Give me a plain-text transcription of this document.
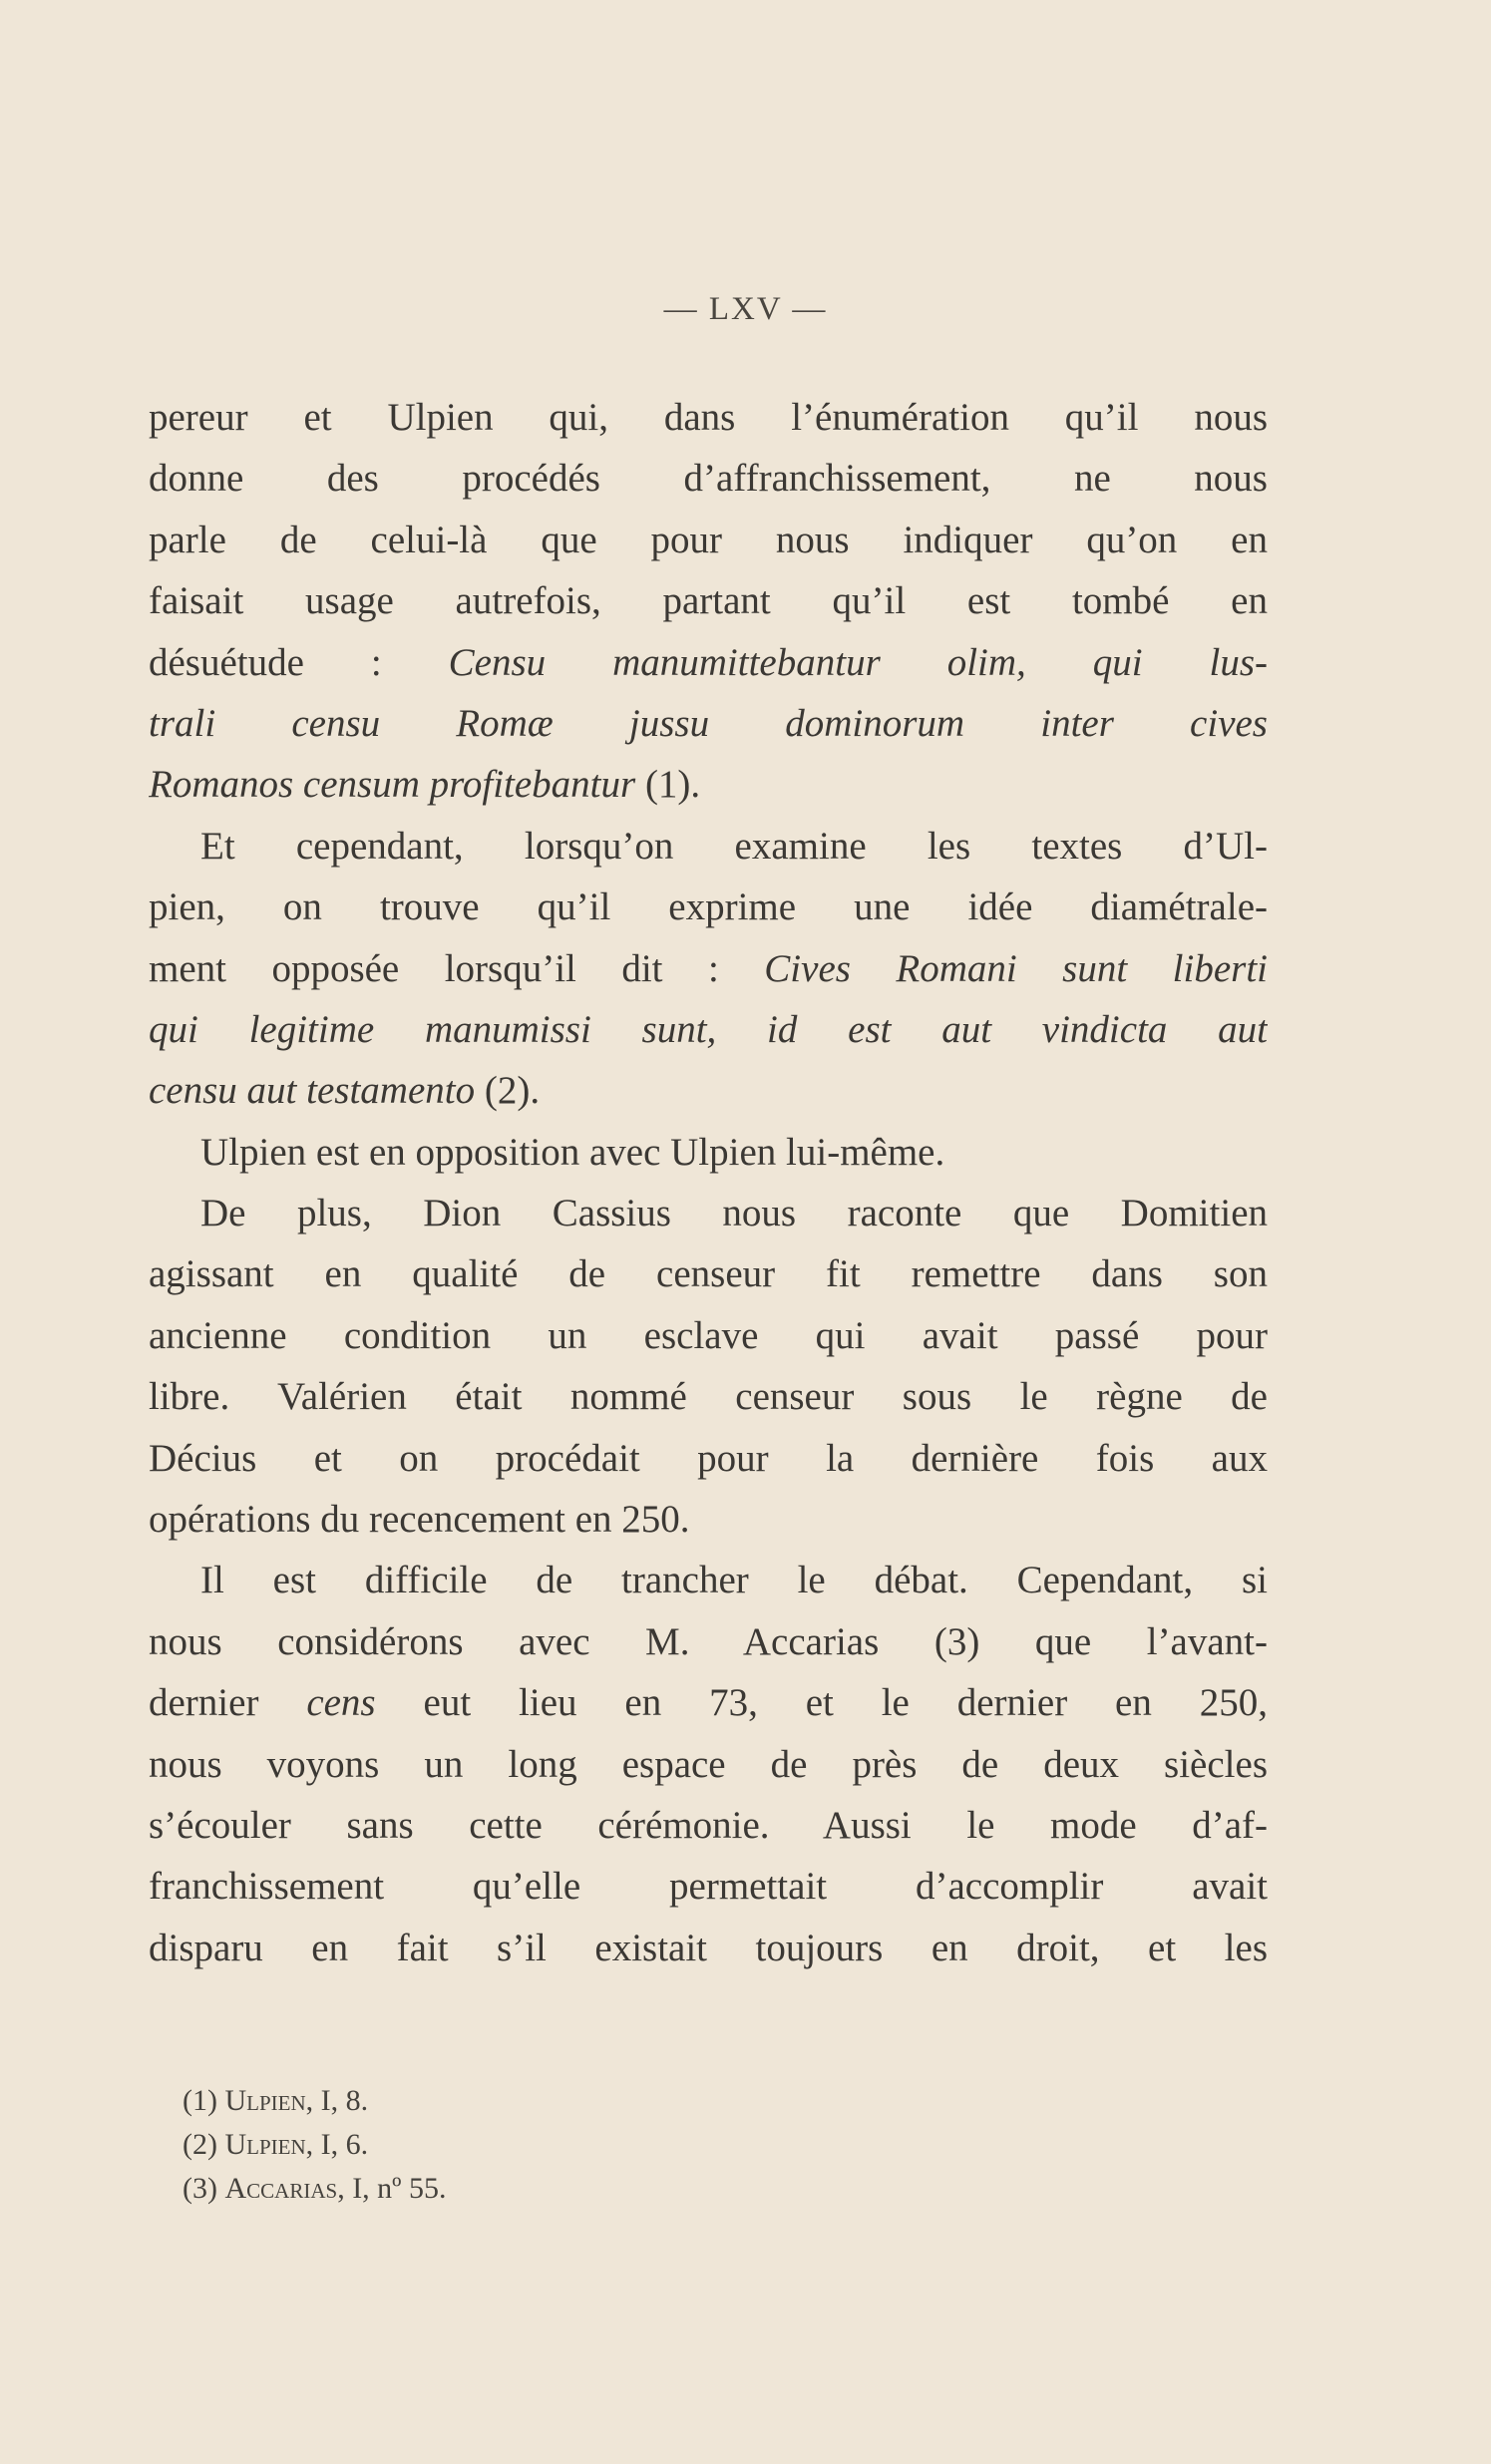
— LXV —
pereur et Ulpien qui, dans l’énumération qu’il nous
donne des procédés d’affranchissement, ne nous
parle de celui-là que pour nous indiquer qu’on en
faisait usage autrefois, partant qu’il est tombé en
désuétude : Censu manumittebantur olim, qui lus-
trali censu Romæ jussu dominorum inter cives
Romanos censum profitebantur (1).
Et cependant, lorsqu’on examine les textes d’Ul-
pien, on trouve qu’il exprime une idée diamétrale-
ment opposée lorsqu’il dit : Cives Romani sunt liberti
qui legitime manumissi sunt, id est aut vindicta aut
censu aut testamento (2).
Ulpien est en opposition avec Ulpien lui-même.
De plus, Dion Cassius nous raconte que Domitien
agissant en qualité de censeur fit remettre dans son
ancienne condition un esclave qui avait passé pour
libre. Valérien était nommé censeur sous le règne de
Décius et on procédait pour la dernière fois aux
opérations du recencement en 250.
Il est difficile de trancher le débat. Cependant, si
nous considérons avec M. Accarias (3) que l’avant-
dernier cens eut lieu en 73, et le dernier en 250,
nous voyons un long espace de près de deux siècles
s’écouler sans cette cérémonie. Aussi le mode d’af-
franchissement qu’elle permettait d’accomplir avait
disparu en fait s’il existait toujours en droit, et les
(1) Ulpien, I, 8.
(2) Ulpien, I, 6.
(3) Accarias, I, nº 55.
